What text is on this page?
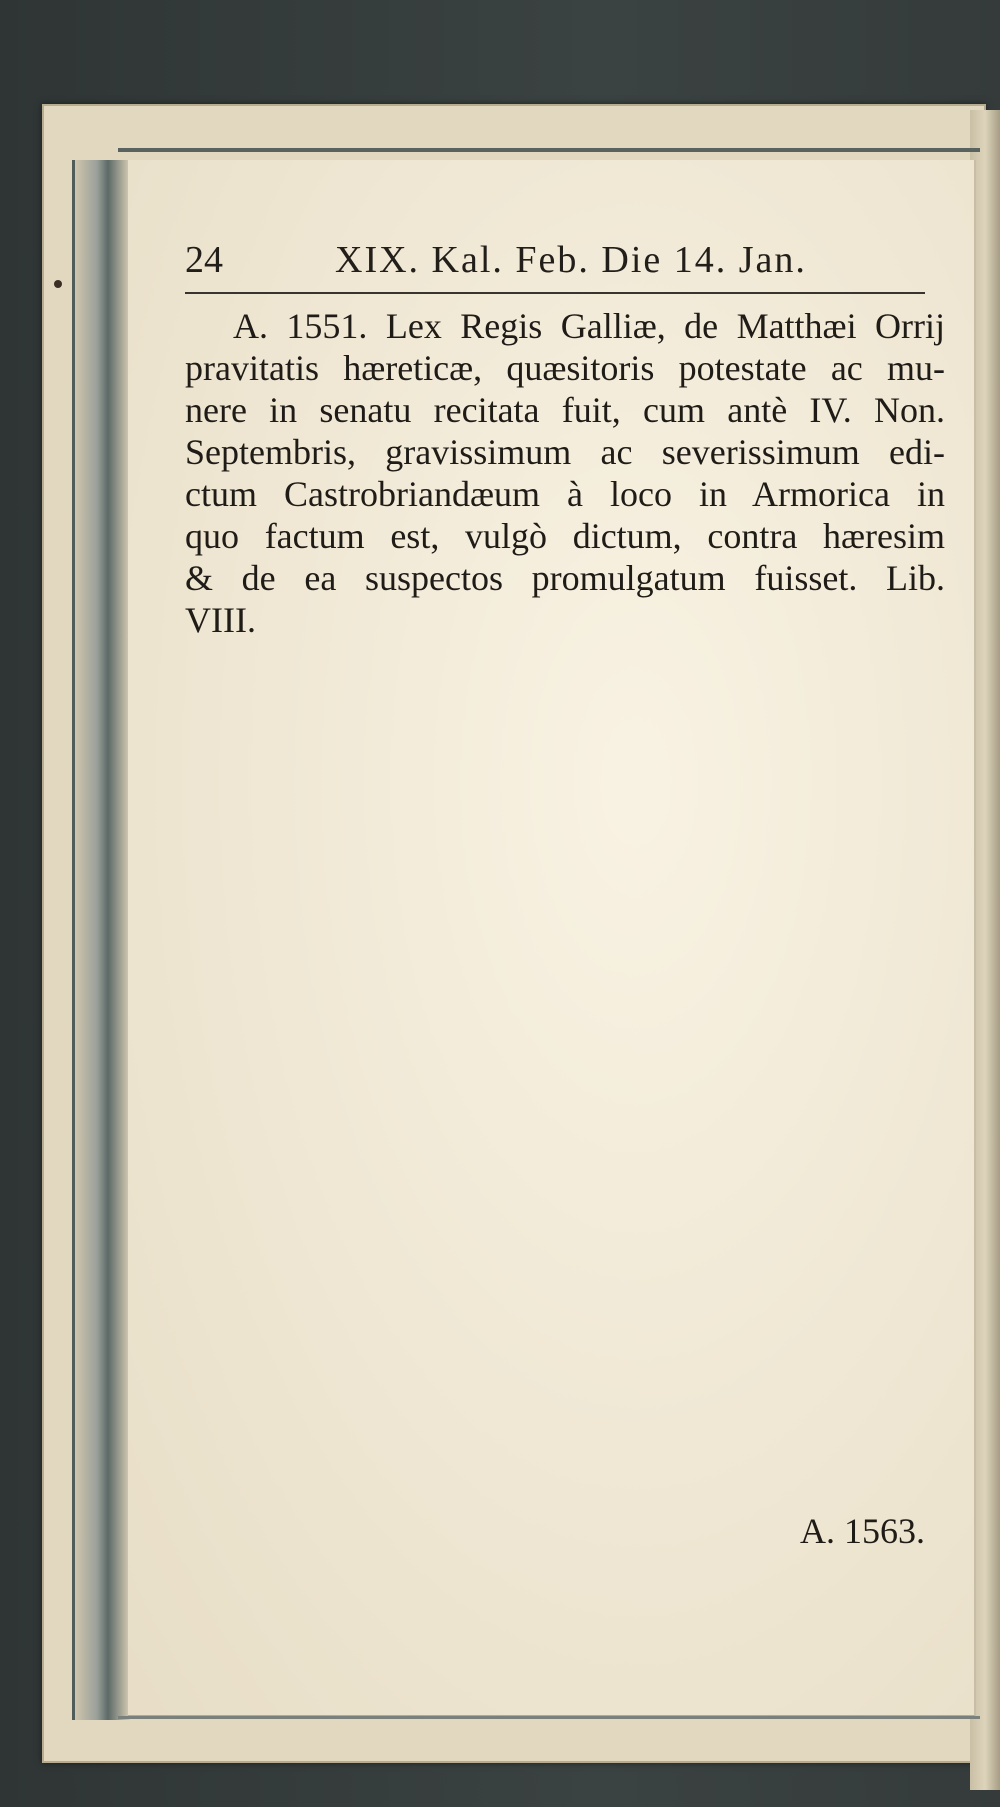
24	XIX. Kal. Feb. Die 14. Jan.
A. 1551. Lex Regis Galliæ, de Matthæi Orrij
pravitatis hæreticæ, quæsitoris potestate ac mu-
nere in senatu recitata fuit, cum antè IV. Non.
Septembris, gravissimum ac severissimum edi-
ctum Castrobriandæum à loco in Armorica in
quo factum est, vulgò dictum, contra hæresim
& de ea suspectos promulgatum fuisset. Lib.
VIII.
A. 1563.
